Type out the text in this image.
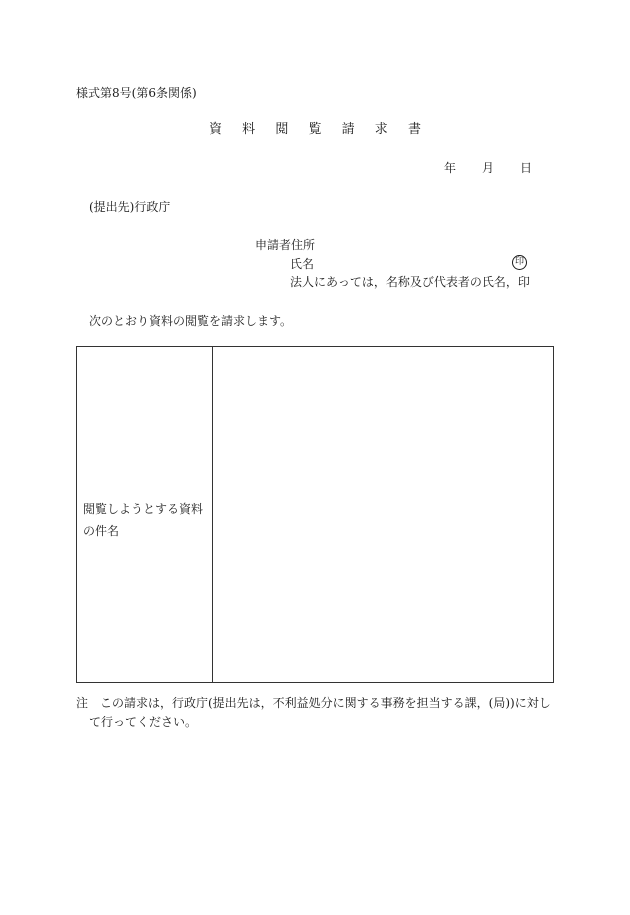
様式第8号(第6条関係)
資 料 閲 覧 請 求 書
年 月 日
(提出先)行政庁
申請者住所
氏名	印
法人にあっては，名称及び代表者の氏名，印
次のとおり資料の閲覧を請求します。
閲覧しようとする資料
の件名
注 この請求は，行政庁(提出先は，不利益処分に関する事務を担当する課，(局))に対し
て行ってください。
